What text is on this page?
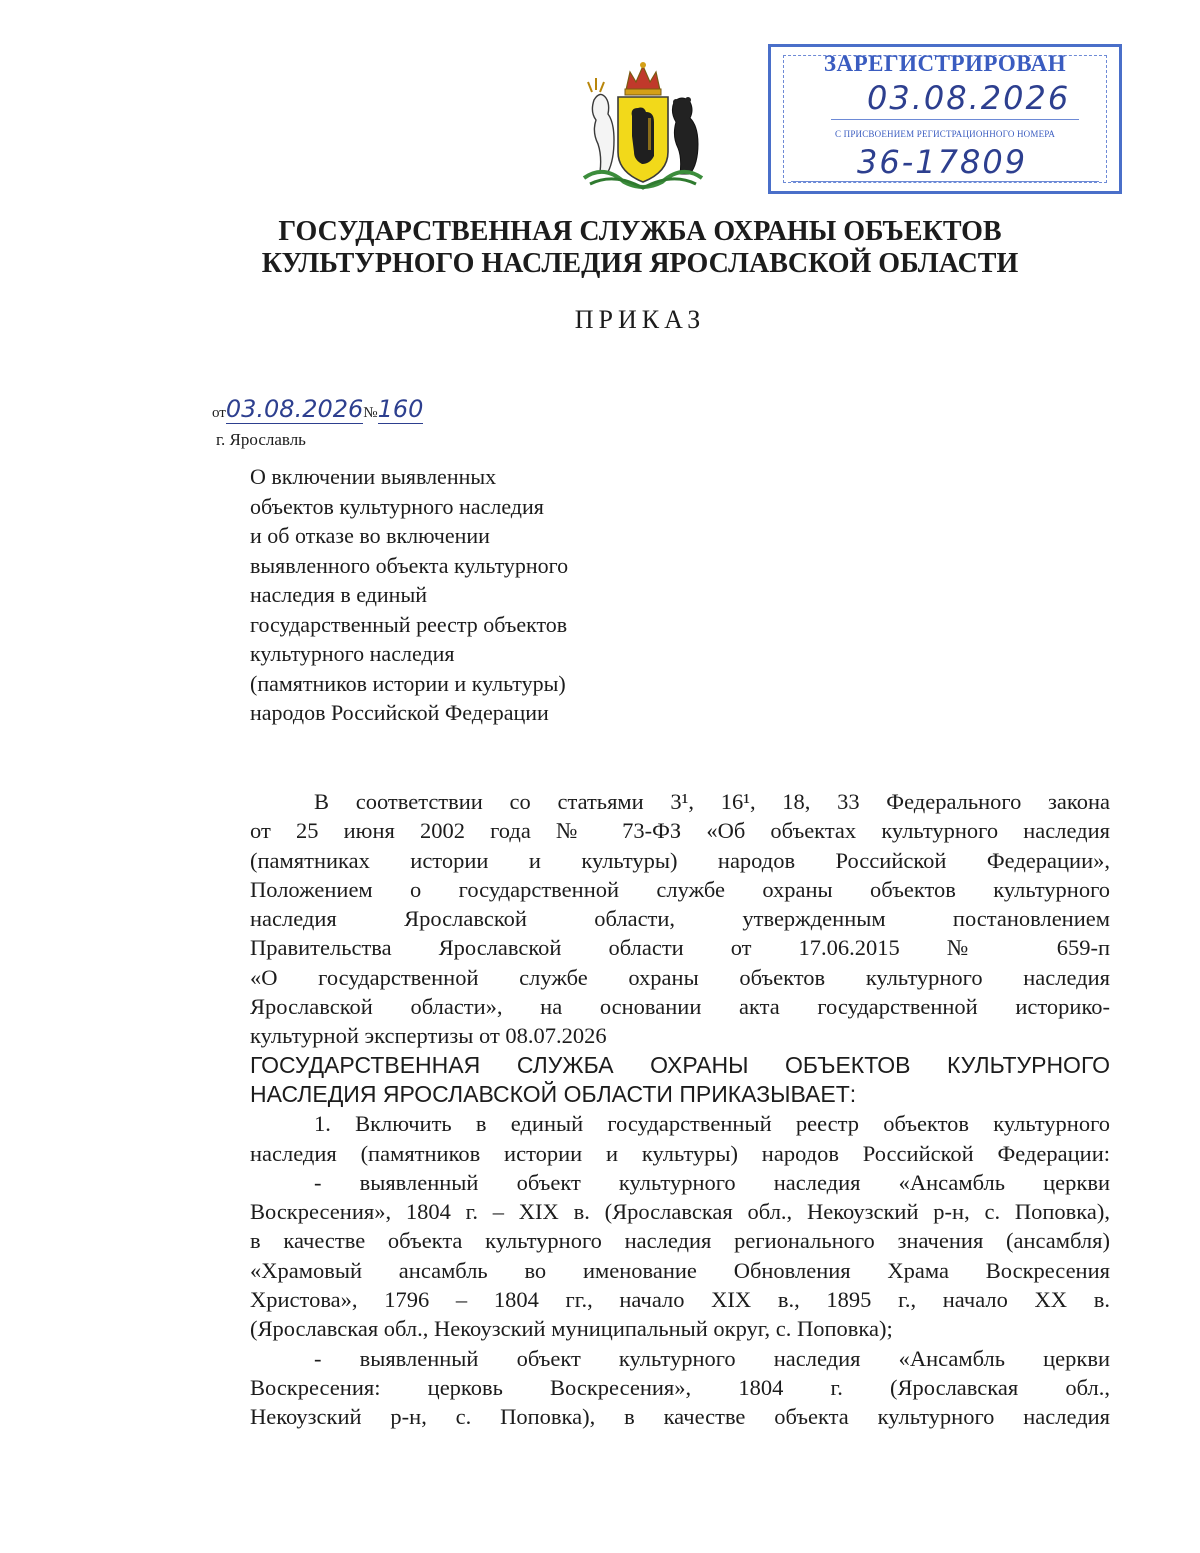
ЗАРЕГИСТРИРОВАН
03.08.2026
С ПРИСВОЕНИЕМ РЕГИСТРАЦИОННОГО НОМЕРА
36-17809
ГОСУДАРСТВЕННАЯ СЛУЖБА ОХРАНЫ ОБЪЕКТОВ
КУЛЬТУРНОГО НАСЛЕДИЯ ЯРОСЛАВСКОЙ ОБЛАСТИ
ПРИКАЗ
от03.08.2026№160
г. Ярославль
О включении выявленных
объектов культурного наследия
и об отказе во включении
выявленного объекта культурного
наследия в единый
государственный реестр объектов
культурного наследия
(памятников истории и культуры)
народов Российской Федерации
В соответствии со статьями 3¹, 16¹, 18, 33 Федерального закона
от 25 июня 2002 года № 73-ФЗ «Об объектах культурного наследия
(памятниках истории и культуры) народов Российской Федерации»,
Положением о государственной службе охраны объектов культурного
наследия Ярославской области, утвержденным постановлением
Правительства Ярославской области от 17.06.2015 № 659-п
«О государственной службе охраны объектов культурного наследия
Ярославской области», на основании акта государственной историко-
культурной экспертизы от 08.07.2026
ГОСУДАРСТВЕННАЯ СЛУЖБА ОХРАНЫ ОБЪЕКТОВ КУЛЬТУРНОГО
НАСЛЕДИЯ ЯРОСЛАВСКОЙ ОБЛАСТИ ПРИКАЗЫВАЕТ:
1. Включить в единый государственный реестр объектов культурного
наследия (памятников истории и культуры) народов Российской Федерации:
- выявленный объект культурного наследия «Ансамбль церкви
Воскресения», 1804 г. – XIX в. (Ярославская обл., Некоузский р-н, с. Поповка),
в качестве объекта культурного наследия регионального значения (ансамбля)
«Храмовый ансамбль во именование Обновления Храма Воскресения
Христова», 1796 – 1804 гг., начало XIX в., 1895 г., начало XX в.
(Ярославская обл., Некоузский муниципальный округ, с. Поповка);
- выявленный объект культурного наследия «Ансамбль церкви
Воскресения: церковь Воскресения», 1804 г. (Ярославская обл.,
Некоузский р-н, с. Поповка), в качестве объекта культурного наследия
